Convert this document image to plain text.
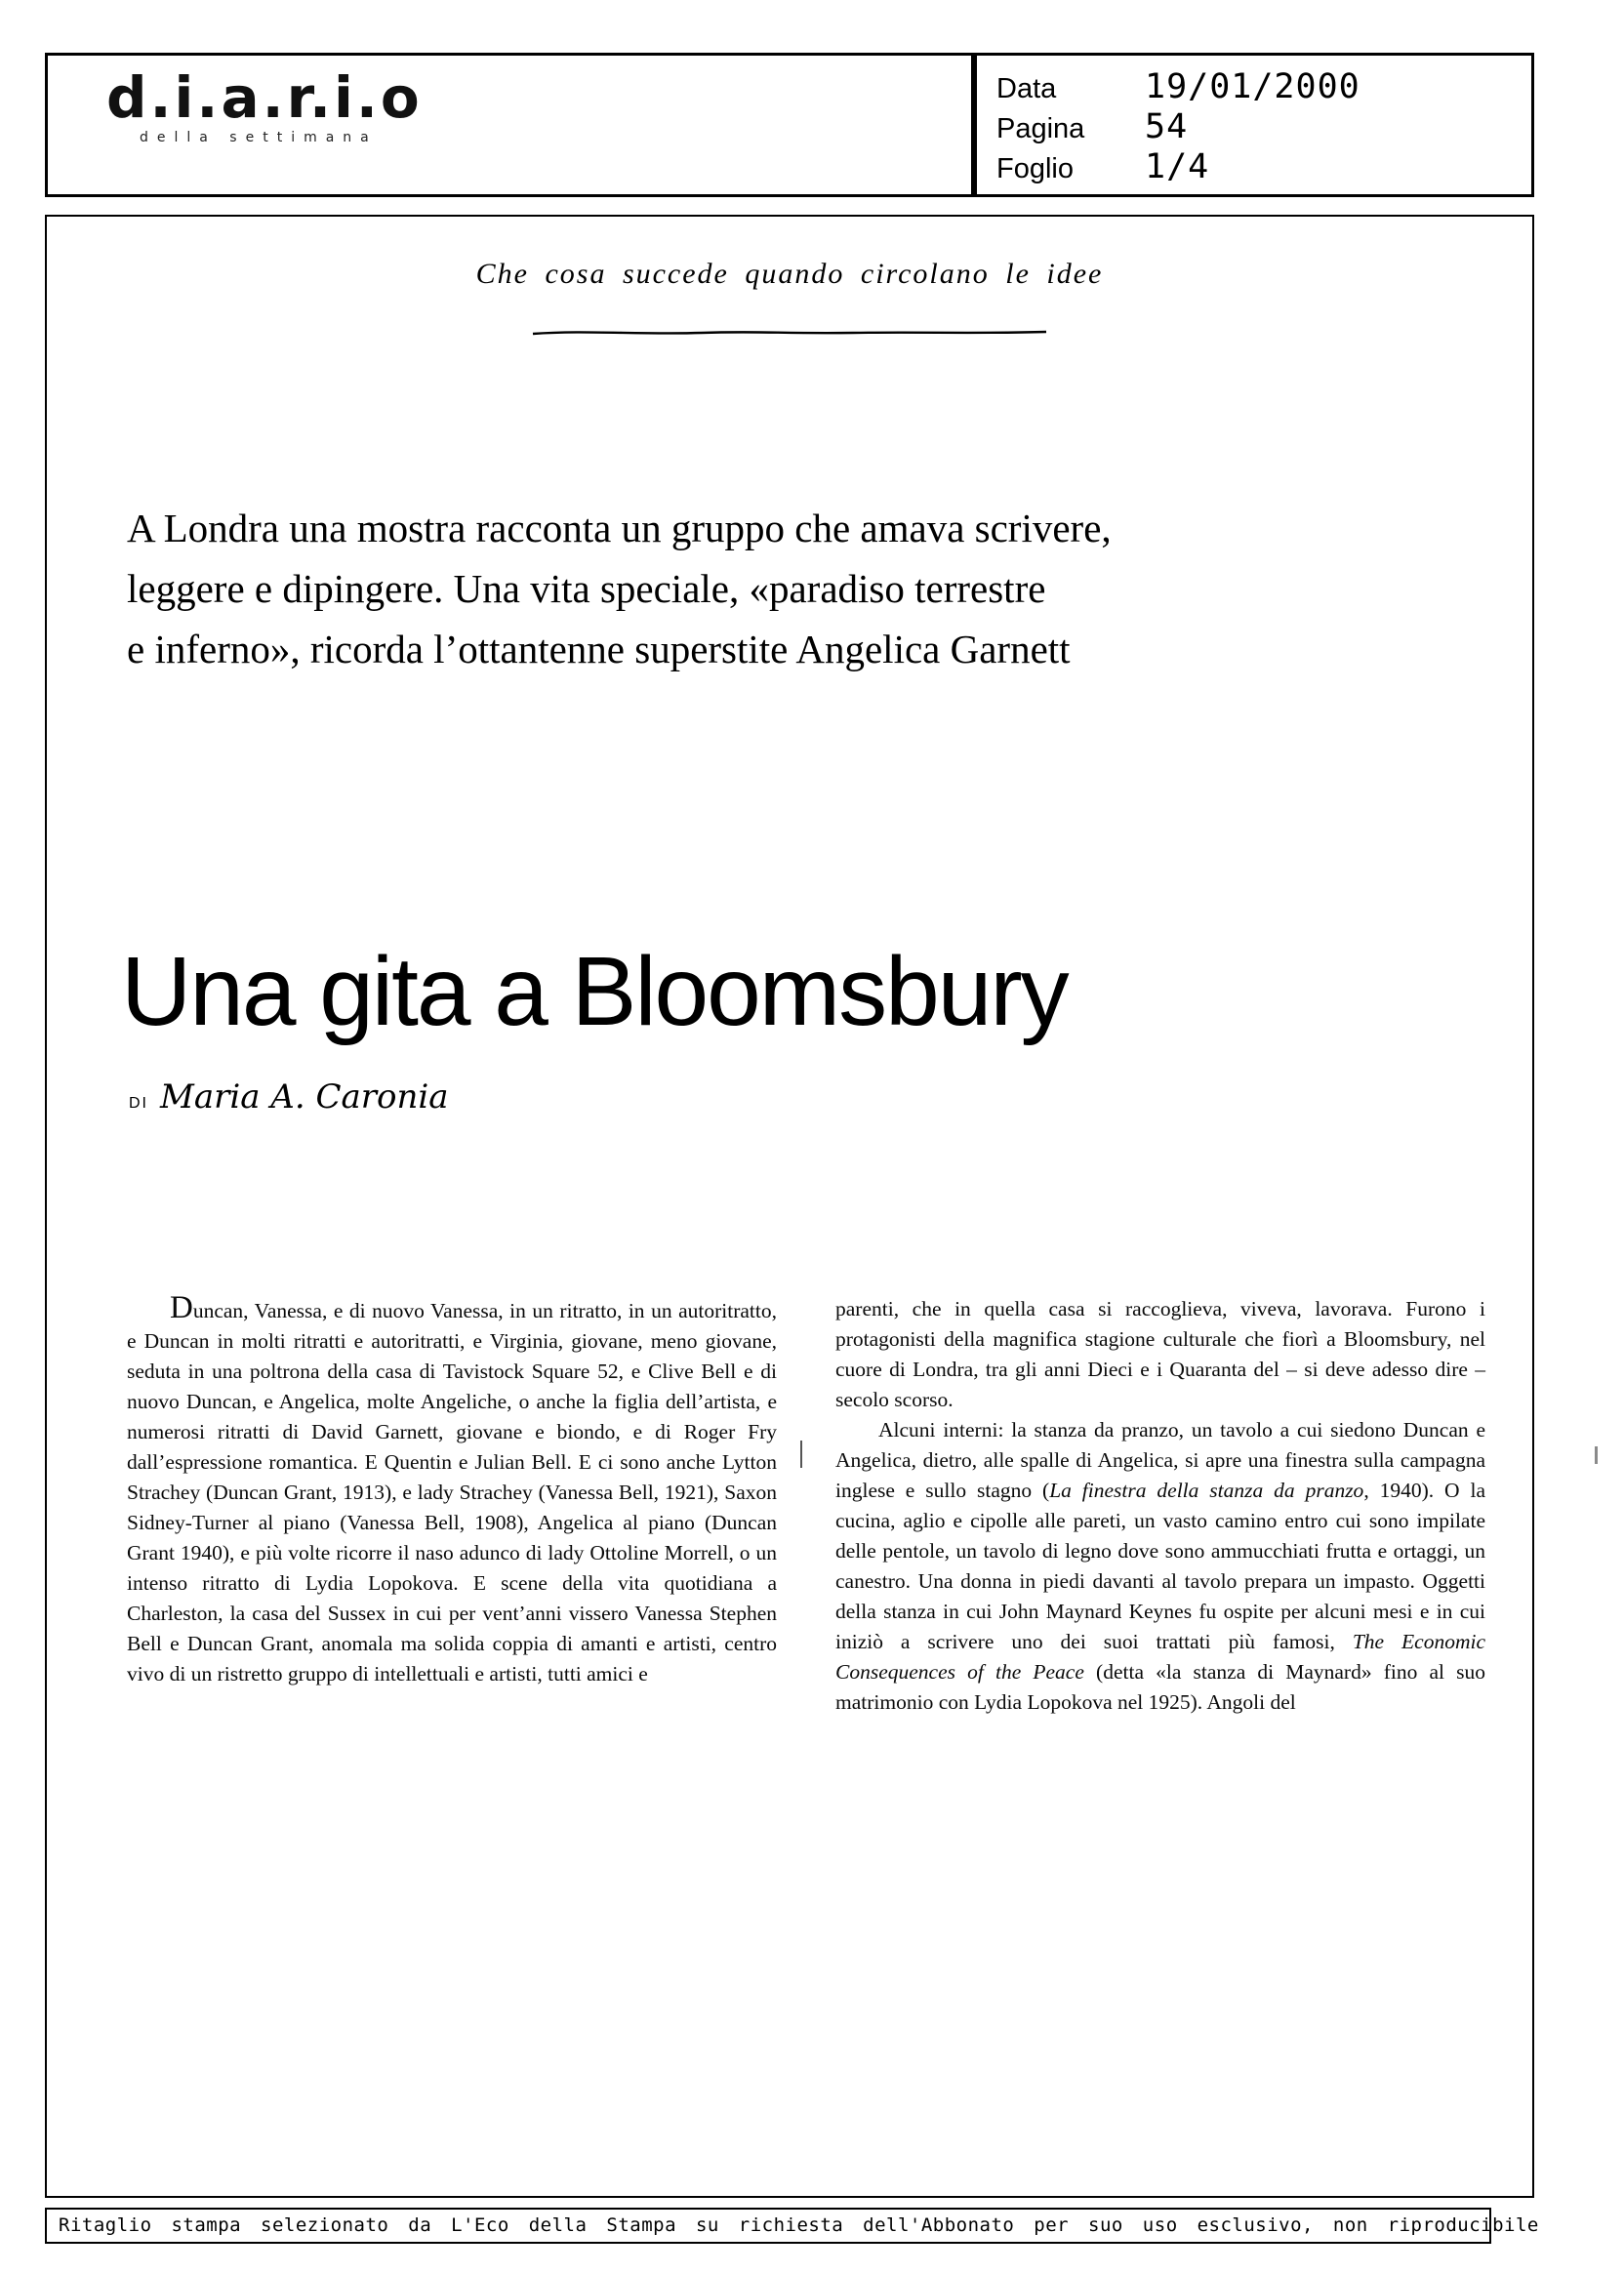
d.i.a.r.i.o
della settimana
Data	19/01/2000
Pagina	54
Foglio	1/4
Che cosa succede quando circolano le idee
A Londra una mostra racconta un gruppo che amava scrivere,
leggere e dipingere. Una vita speciale, «paradiso terrestre
e inferno», ricorda l’ottantenne superstite Angelica Garnett
Una gita a Bloomsbury
DI Maria A. Caronia

Duncan, Vanessa, e di nuovo Vanessa, in un ritratto, in un autoritratto, e Duncan in molti ritratti e autoritratti, e Virginia, giovane, meno giovane, seduta in una poltrona della casa di Tavistock Square 52, e Clive Bell e di nuovo Duncan, e Angelica, molte Angeliche, o anche la figlia dell’artista, e numerosi ritratti di David Garnett, giovane e biondo, e di Roger Fry dall’espressione romantica. E Quentin e Julian Bell. E ci sono anche Lytton Strachey (Duncan Grant, 1913), e lady Strachey (Vanessa Bell, 1921), Saxon Sidney-Turner al piano (Vanessa Bell, 1908), Angelica al piano (Duncan Grant 1940), e più volte ricorre il naso adunco di lady Ottoline Morrell, o un intenso ritratto di Lydia Lopokova. E scene della vita quotidiana a Charleston, la casa del Sussex in cui per vent’anni vissero Vanessa Stephen Bell e Duncan Grant, anomala ma solida coppia di amanti e artisti, centro vivo di un ristretto gruppo di intellettuali e artisti, tutti amici e

parenti, che in quella casa si raccoglieva, viveva, lavorava. Furono i protagonisti della magnifica stagione culturale che fiorì a Bloomsbury, nel cuore di Londra, tra gli anni Dieci e i Quaranta del – si deve adesso dire – secolo scorso.

Alcuni interni: la stanza da pranzo, un tavolo a cui siedono Duncan e Angelica, dietro, alle spalle di Angelica, si apre una finestra sulla campagna inglese e sullo stagno (La finestra della stanza da pranzo, 1940). O la cucina, aglio e cipolle alle pareti, un vasto camino entro cui sono impilate delle pentole, un tavolo di legno dove sono ammucchiati frutta e ortaggi, un canestro. Una donna in piedi davanti al tavolo prepara un impasto. Oggetti della stanza in cui John Maynard Keynes fu ospite per alcuni mesi e in cui iniziò a scrivere uno dei suoi trattati più famosi, The Economic Consequences of the Peace (detta «la stanza di Maynard» fino al suo matrimonio con Lydia Lopokova nel 1925). Angoli del

Ritaglio stampa selezionato da L'Eco della Stampa su richiesta dell'Abbonato per suo uso esclusivo, non riproducibile
